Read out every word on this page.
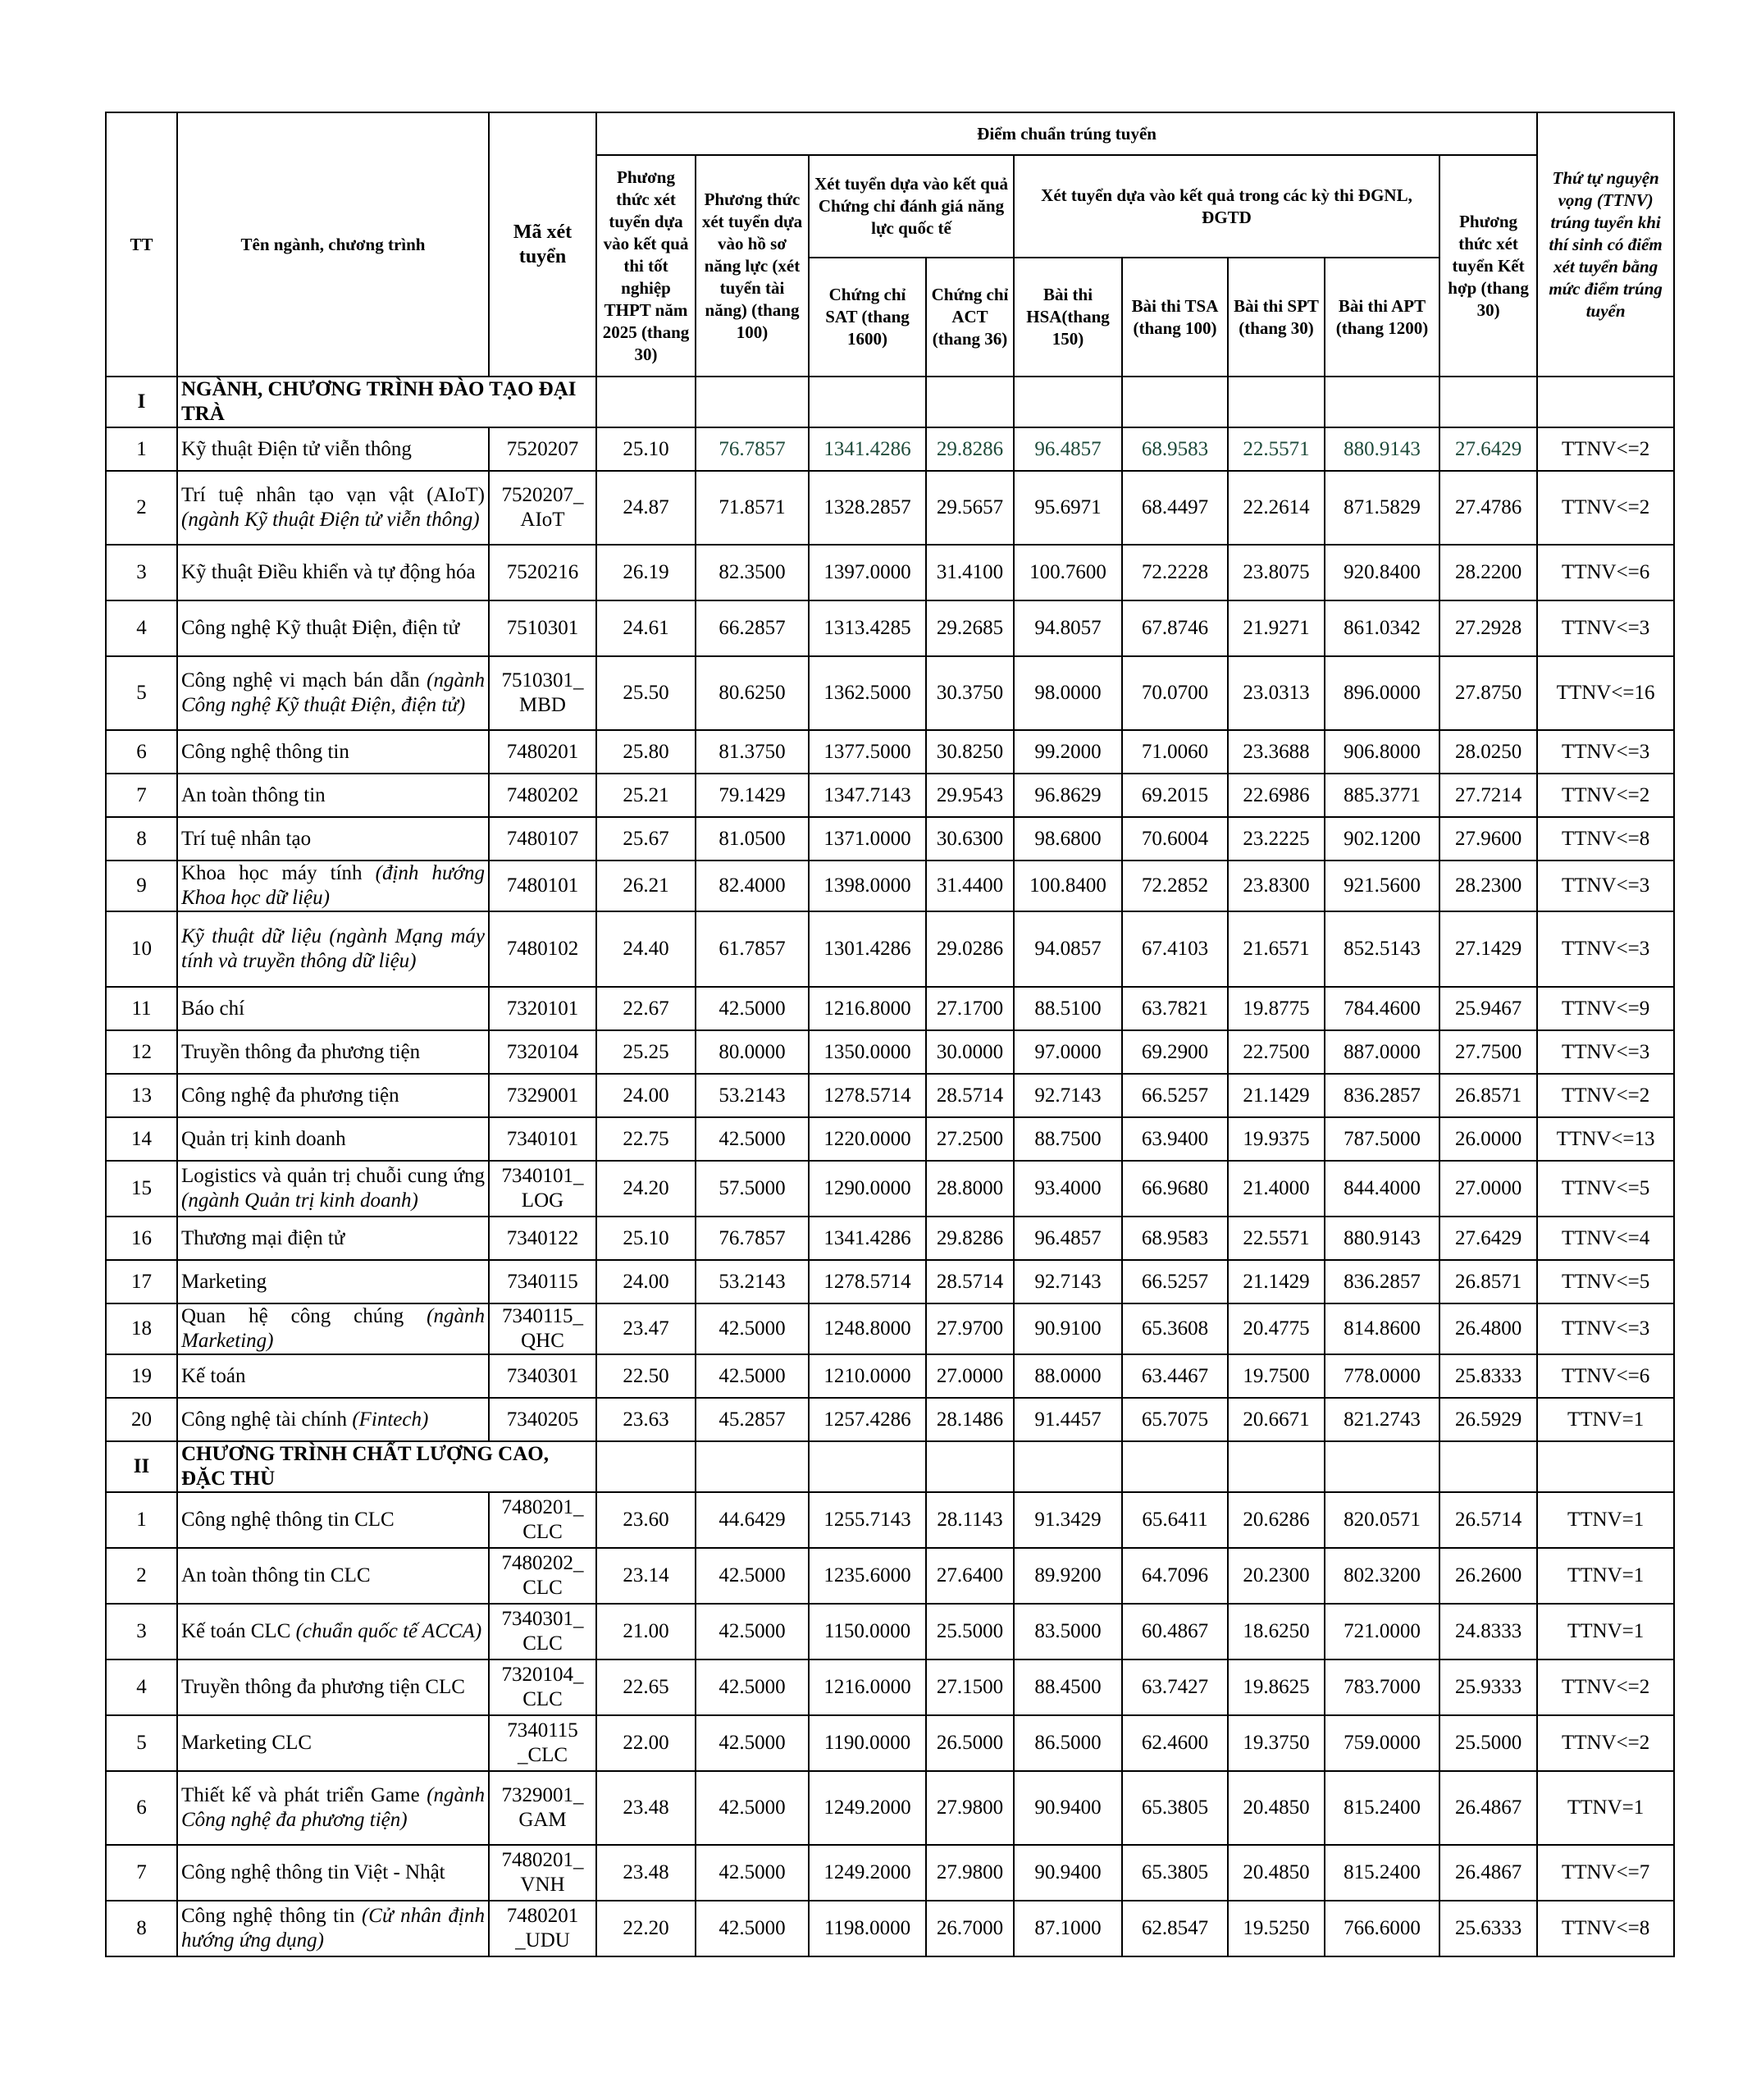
TT	Tên ngành, chương trình	Mã xét tuyển	Điểm chuẩn trúng tuyển									Thứ tự nguyện vọng (TTNV) trúng tuyển khi thí sinh có điểm xét tuyển bằng mức điểm trúng tuyển
			Phương thức xét tuyển dựa vào kết quả thi tốt nghiệp THPT năm 2025 (thang 30)	Phương thức xét tuyển dựa vào hồ sơ năng lực (xét tuyển tài năng) (thang 100)	Xét tuyển dựa vào kết quả Chứng chỉ đánh giá năng lực quốc tế		Xét tuyển dựa vào kết quả trong các kỳ thi ĐGNL, ĐGTD				Phương thức xét tuyển Kết hợp (thang 30)	
					Chứng chỉ SAT (thang 1600)	Chứng chỉ ACT (thang 36)	Bài thi HSA(thang 150)	Bài thi TSA (thang 100)	Bài thi SPT (thang 30)	Bài thi APT (thang 1200)		
I	NGÀNH, CHƯƠNG TRÌNH ĐÀO TẠO ĐẠI TRÀ											
1	Kỹ thuật Điện tử viễn thông	7520207	25.10	76.7857	1341.4286	29.8286	96.4857	68.9583	22.5571	880.9143	27.6429	TTNV<=2
2	Trí tuệ nhân tạo vạn vật (AIoT) (ngành Kỹ thuật Điện tử viễn thông)	7520207_ AIoT	24.87	71.8571	1328.2857	29.5657	95.6971	68.4497	22.2614	871.5829	27.4786	TTNV<=2
3	Kỹ thuật Điều khiển và tự động hóa	7520216	26.19	82.3500	1397.0000	31.4100	100.7600	72.2228	23.8075	920.8400	28.2200	TTNV<=6
4	Công nghệ Kỹ thuật Điện, điện tử	7510301	24.61	66.2857	1313.4285	29.2685	94.8057	67.8746	21.9271	861.0342	27.2928	TTNV<=3
5	Công nghệ vi mạch bán dẫn (ngành Công nghệ Kỹ thuật Điện, điện tử)	7510301_ MBD	25.50	80.6250	1362.5000	30.3750	98.0000	70.0700	23.0313	896.0000	27.8750	TTNV<=16
6	Công nghệ thông tin	7480201	25.80	81.3750	1377.5000	30.8250	99.2000	71.0060	23.3688	906.8000	28.0250	TTNV<=3
7	An toàn thông tin	7480202	25.21	79.1429	1347.7143	29.9543	96.8629	69.2015	22.6986	885.3771	27.7214	TTNV<=2
8	Trí tuệ nhân tạo	7480107	25.67	81.0500	1371.0000	30.6300	98.6800	70.6004	23.2225	902.1200	27.9600	TTNV<=8
9	Khoa học máy tính (định hướng Khoa học dữ liệu)	7480101	26.21	82.4000	1398.0000	31.4400	100.8400	72.2852	23.8300	921.5600	28.2300	TTNV<=3
10	Kỹ thuật dữ liệu (ngành Mạng máy tính và truyền thông dữ liệu)	7480102	24.40	61.7857	1301.4286	29.0286	94.0857	67.4103	21.6571	852.5143	27.1429	TTNV<=3
11	Báo chí	7320101	22.67	42.5000	1216.8000	27.1700	88.5100	63.7821	19.8775	784.4600	25.9467	TTNV<=9
12	Truyền thông đa phương tiện	7320104	25.25	80.0000	1350.0000	30.0000	97.0000	69.2900	22.7500	887.0000	27.7500	TTNV<=3
13	Công nghệ đa phương tiện	7329001	24.00	53.2143	1278.5714	28.5714	92.7143	66.5257	21.1429	836.2857	26.8571	TTNV<=2
14	Quản trị kinh doanh	7340101	22.75	42.5000	1220.0000	27.2500	88.7500	63.9400	19.9375	787.5000	26.0000	TTNV<=13
15	Logistics và quản trị chuỗi cung ứng (ngành Quản trị kinh doanh)	7340101_ LOG	24.20	57.5000	1290.0000	28.8000	93.4000	66.9680	21.4000	844.4000	27.0000	TTNV<=5
16	Thương mại điện tử	7340122	25.10	76.7857	1341.4286	29.8286	96.4857	68.9583	22.5571	880.9143	27.6429	TTNV<=4
17	Marketing	7340115	24.00	53.2143	1278.5714	28.5714	92.7143	66.5257	21.1429	836.2857	26.8571	TTNV<=5
18	Quan hệ công chúng (ngành Marketing)	7340115_ QHC	23.47	42.5000	1248.8000	27.9700	90.9100	65.3608	20.4775	814.8600	26.4800	TTNV<=3
19	Kế toán	7340301	22.50	42.5000	1210.0000	27.0000	88.0000	63.4467	19.7500	778.0000	25.8333	TTNV<=6
20	Công nghệ tài chính (Fintech)	7340205	23.63	45.2857	1257.4286	28.1486	91.4457	65.7075	20.6671	821.2743	26.5929	TTNV=1
II	CHƯƠNG TRÌNH CHẤT LƯỢNG CAO, ĐẶC THÙ											
1	Công nghệ thông tin CLC	7480201_ CLC	23.60	44.6429	1255.7143	28.1143	91.3429	65.6411	20.6286	820.0571	26.5714	TTNV=1
2	An toàn thông tin CLC	7480202_ CLC	23.14	42.5000	1235.6000	27.6400	89.9200	64.7096	20.2300	802.3200	26.2600	TTNV=1
3	Kế toán CLC (chuẩn quốc tế ACCA)	7340301_ CLC	21.00	42.5000	1150.0000	25.5000	83.5000	60.4867	18.6250	721.0000	24.8333	TTNV=1
4	Truyền thông đa phương tiện CLC	7320104_ CLC	22.65	42.5000	1216.0000	27.1500	88.4500	63.7427	19.8625	783.7000	25.9333	TTNV<=2
5	Marketing CLC	7340115 _CLC	22.00	42.5000	1190.0000	26.5000	86.5000	62.4600	19.3750	759.0000	25.5000	TTNV<=2
6	Thiết kế và phát triển Game (ngành Công nghệ đa phương tiện)	7329001_ GAM	23.48	42.5000	1249.2000	27.9800	90.9400	65.3805	20.4850	815.2400	26.4867	TTNV=1
7	Công nghệ thông tin Việt - Nhật	7480201_ VNH	23.48	42.5000	1249.2000	27.9800	90.9400	65.3805	20.4850	815.2400	26.4867	TTNV<=7
8	Công nghệ thông tin (Cử nhân định hướng ứng dụng)	7480201 _UDU	22.20	42.5000	1198.0000	26.7000	87.1000	62.8547	19.5250	766.6000	25.6333	TTNV<=8
